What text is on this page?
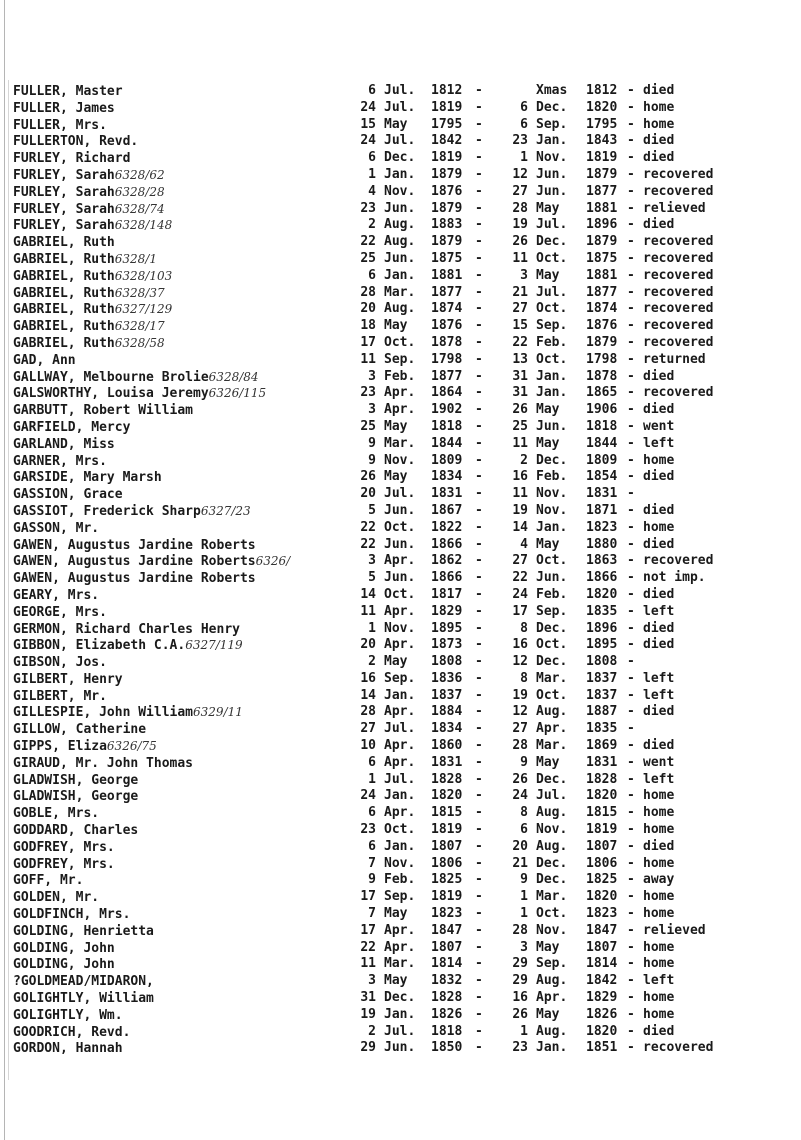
FULLER, Master	6 Jul. 1812 -	Xmas 1812 - died
FULLER, James	24 Jul. 1819 -	6 Dec. 1820 - home
FULLER, Mrs.	15 May 1795 -	6 Sep. 1795 - home
FULLERTON, Revd.	24 Jul. 1842 -	23 Jan. 1843 - died
FURLEY, Richard	6 Dec. 1819 -	1 Nov. 1819 - died
FURLEY, Sarah6328/62	1 Jan. 1879 -	12 Jun. 1879 - recovered
FURLEY, Sarah6328/28	4 Nov. 1876 -	27 Jun. 1877 - recovered
FURLEY, Sarah6328/74	23 Jun. 1879 -	28 May 1881 - relieved
FURLEY, Sarah6328/148	2 Aug. 1883 -	19 Jul. 1896 - died
GABRIEL, Ruth	22 Aug. 1879 -	26 Dec. 1879 - recovered
GABRIEL, Ruth6328/1	25 Jun. 1875 -	11 Oct. 1875 - recovered
GABRIEL, Ruth6328/103	6 Jan. 1881 -	3 May 1881 - recovered
GABRIEL, Ruth6328/37	28 Mar. 1877 -	21 Jul. 1877 - recovered
GABRIEL, Ruth6327/129	20 Aug. 1874 -	27 Oct. 1874 - recovered
GABRIEL, Ruth6328/17	18 May 1876 -	15 Sep. 1876 - recovered
GABRIEL, Ruth6328/58	17 Oct. 1878 -	22 Feb. 1879 - recovered
GAD, Ann	11 Sep. 1798 -	13 Oct. 1798 - returned
GALLWAY, Melbourne Brolie6328/84	3 Feb. 1877 -	31 Jan. 1878 - died
GALSWORTHY, Louisa Jeremy6326/115	23 Apr. 1864 -	31 Jan. 1865 - recovered
GARBUTT, Robert William	3 Apr. 1902 -	26 May 1906 - died
GARFIELD, Mercy	25 May 1818 -	25 Jun. 1818 - went
GARLAND, Miss	9 Mar. 1844 -	11 May 1844 - left
GARNER, Mrs.	9 Nov. 1809 -	2 Dec. 1809 - home
GARSIDE, Mary Marsh	26 May 1834 -	16 Feb. 1854 - died
GASSION, Grace	20 Jul. 1831 -	11 Nov. 1831 -
GASSIOT, Frederick Sharp6327/23	5 Jun. 1867 -	19 Nov. 1871 - died
GASSON, Mr.	22 Oct. 1822 -	14 Jan. 1823 - home
GAWEN, Augustus Jardine Roberts	22 Jun. 1866 -	4 May 1880 - died
GAWEN, Augustus Jardine Roberts6326/	3 Apr. 1862 -	27 Oct. 1863 - recovered
GAWEN, Augustus Jardine Roberts	5 Jun. 1866 -	22 Jun. 1866 - not imp.
GEARY, Mrs.	14 Oct. 1817 -	24 Feb. 1820 - died
GEORGE, Mrs.	11 Apr. 1829 -	17 Sep. 1835 - left
GERMON, Richard Charles Henry	1 Nov. 1895 -	8 Dec. 1896 - died
GIBBON, Elizabeth C.A.6327/119	20 Apr. 1873 -	16 Oct. 1895 - died
GIBSON, Jos.	2 May 1808 -	12 Dec. 1808 -
GILBERT, Henry	16 Sep. 1836 -	8 Mar. 1837 - left
GILBERT, Mr.	14 Jan. 1837 -	19 Oct. 1837 - left
GILLESPIE, John William6329/11	28 Apr. 1884 -	12 Aug. 1887 - died
GILLOW, Catherine	27 Jul. 1834 -	27 Apr. 1835 -
GIPPS, Eliza6326/75	10 Apr. 1860 -	28 Mar. 1869 - died
GIRAUD, Mr. John Thomas	6 Apr. 1831 -	9 May 1831 - went
GLADWISH, George	1 Jul. 1828 -	26 Dec. 1828 - left
GLADWISH, George	24 Jan. 1820 -	24 Jul. 1820 - home
GOBLE, Mrs.	6 Apr. 1815 -	8 Aug. 1815 - home
GODDARD, Charles	23 Oct. 1819 -	6 Nov. 1819 - home
GODFREY, Mrs.	6 Jan. 1807 -	20 Aug. 1807 - died
GODFREY, Mrs.	7 Nov. 1806 -	21 Dec. 1806 - home
GOFF, Mr.	9 Feb. 1825 -	9 Dec. 1825 - away
GOLDEN, Mr.	17 Sep. 1819 -	1 Mar. 1820 - home
GOLDFINCH, Mrs.	7 May 1823 -	1 Oct. 1823 - home
GOLDING, Henrietta	17 Apr. 1847 -	28 Nov. 1847 - relieved
GOLDING, John	22 Apr. 1807 -	3 May 1807 - home
GOLDING, John	11 Mar. 1814 -	29 Sep. 1814 - home
?GOLDMEAD/MIDARON,	3 May 1832 -	29 Aug. 1842 - left
GOLIGHTLY, William	31 Dec. 1828 -	16 Apr. 1829 - home
GOLIGHTLY, Wm.	19 Jan. 1826 -	26 May 1826 - home
GOODRICH, Revd.	2 Jul. 1818 -	1 Aug. 1820 - died
GORDON, Hannah	29 Jun. 1850 -	23 Jan. 1851 - recovered
